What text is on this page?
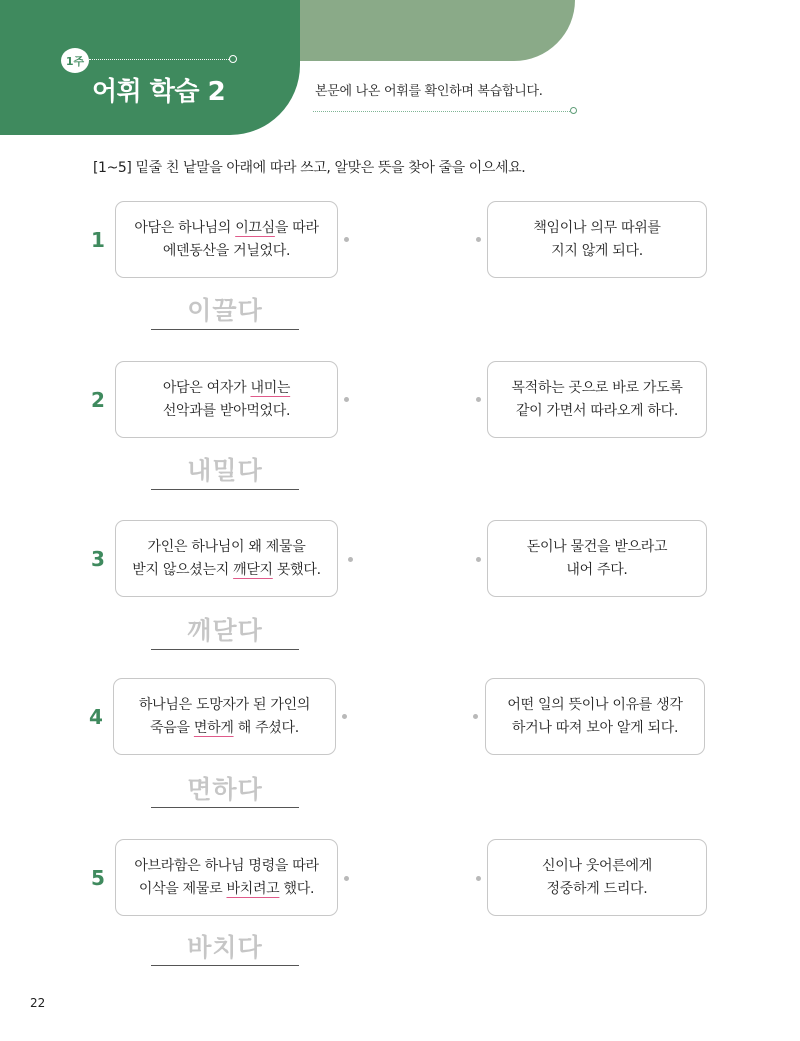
1주
어휘 학습 2	본문에 나온 어휘를 확인하며 복습합니다.
[1~5] 밑줄 친 낱말을 아래에 따라 쓰고, 알맞은 뜻을 찾아 줄을 이으세요.
1
아담은 하나님의 이끄심을 따라
에덴동산을 거닐었다.
책임이나 의무 따위를
지지 않게 되다.
이끌다
2
아담은 여자가 내미는
선악과를 받아먹었다.
목적하는 곳으로 바로 가도록
같이 가면서 따라오게 하다.
내밀다
3
가인은 하나님이 왜 제물을
받지 않으셨는지 깨닫지 못했다.
돈이나 물건을 받으라고
내어 주다.
깨닫다
4
하나님은 도망자가 된 가인의
죽음을 면하게 해 주셨다.
어떤 일의 뜻이나 이유를 생각
하거나 따져 보아 알게 되다.
면하다
5
아브라함은 하나님 명령을 따라
이삭을 제물로 바치려고 했다.
신이나 웃어른에게
정중하게 드리다.
바치다
22
